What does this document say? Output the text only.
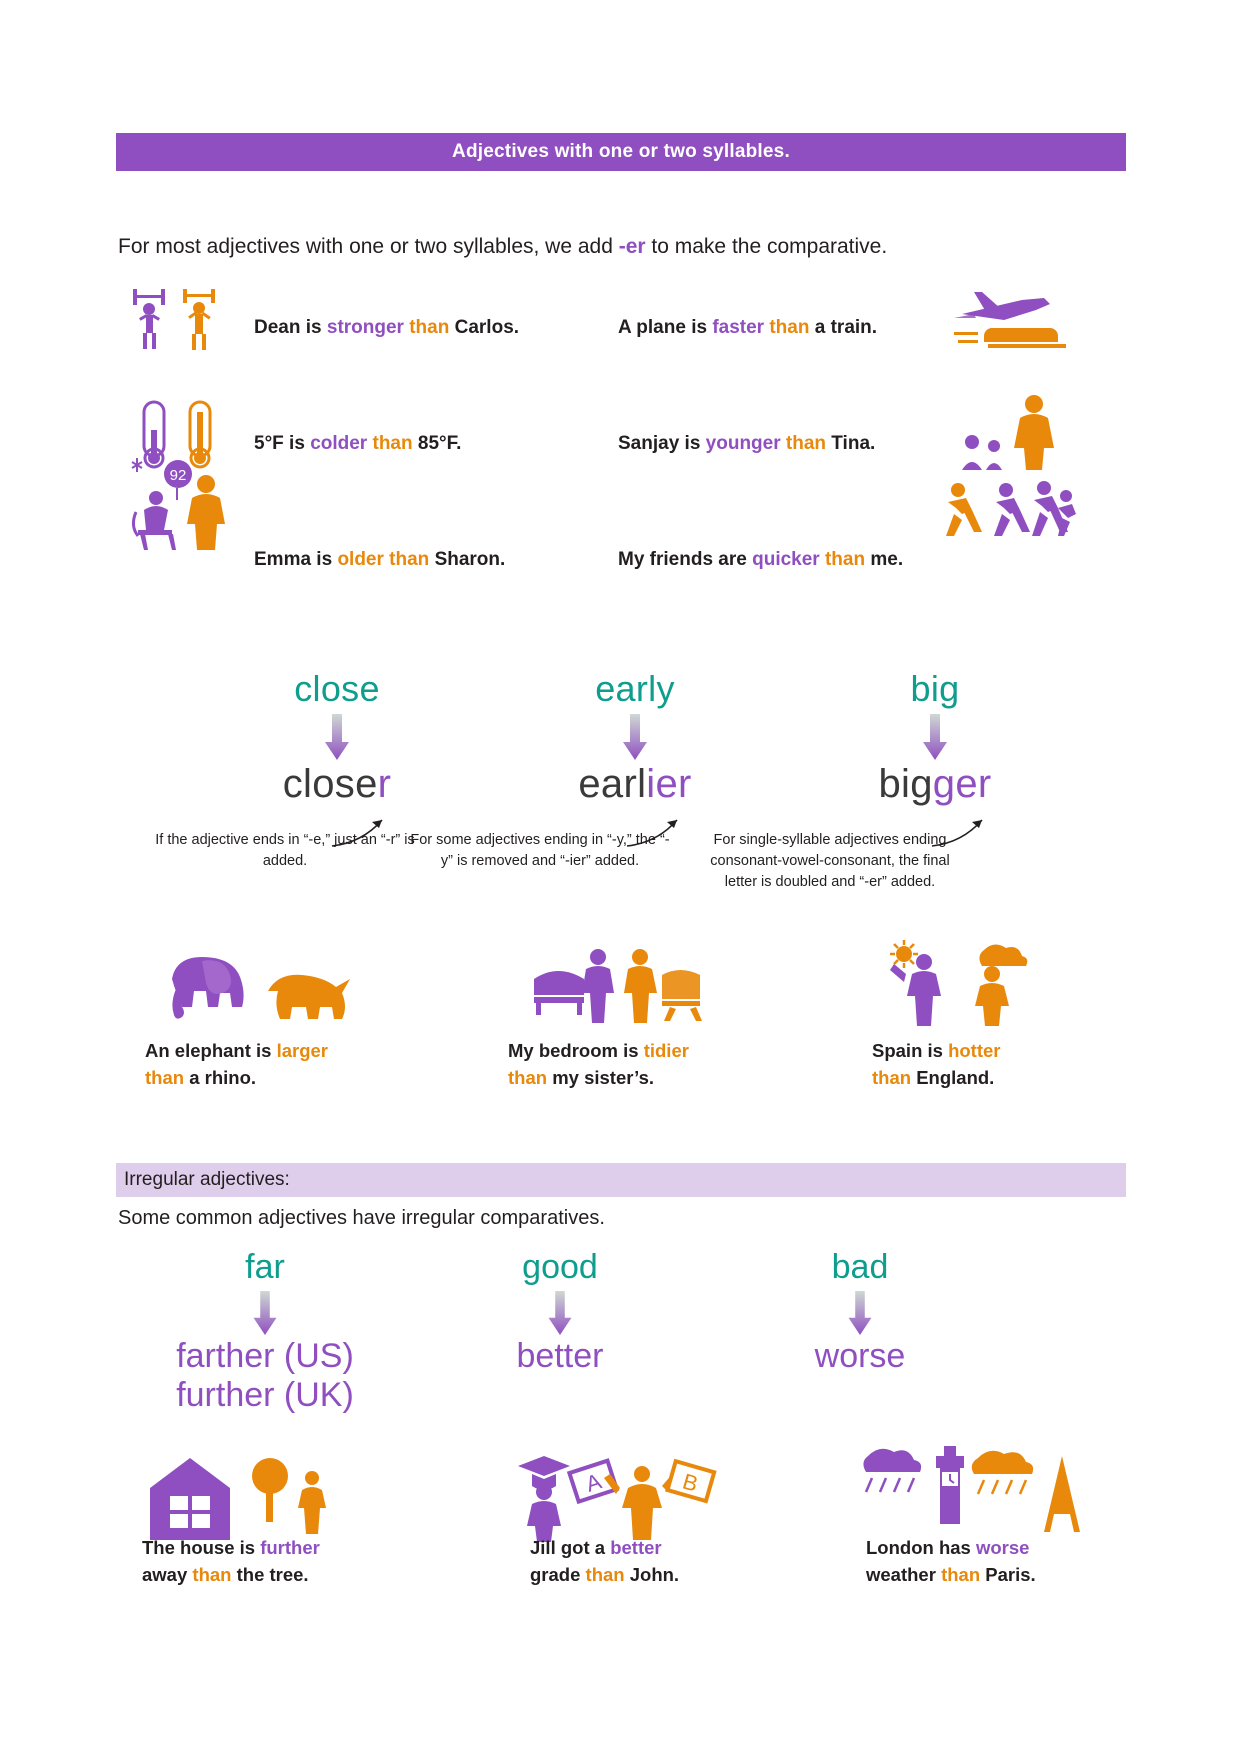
Adjectives with one or two syllables.
For most adjectives with one or two syllables, we add -er to make the comparative.
92
Dean is stronger than Carlos.	A plane is faster than a train.
5°F is colder than 85°F.	Sanjay is younger than Tina.
Emma is older than Sharon.	My friends are quicker than me.
close
closer
If the adjective ends in “-e,” just an “-r” is added.
early
earlier
For some adjectives ending in “-y,” the “-y” is removed and “-ier” added.
big
bigger
For single-syllable adjectives ending consonant-vowel-consonant, the final letter is doubled and “-er” added.
An elephant is larger
than a rhino.
My bedroom is tidier
than my sister’s.
Spain is hotter
than England.
Irregular adjectives:
Some common adjectives have irregular comparatives.
far
farther (US)
further (UK)
good
better
bad
worse
A	B
The house is further
away than the tree.
Jill got a better
grade than John.
London has worse
weather than Paris.
